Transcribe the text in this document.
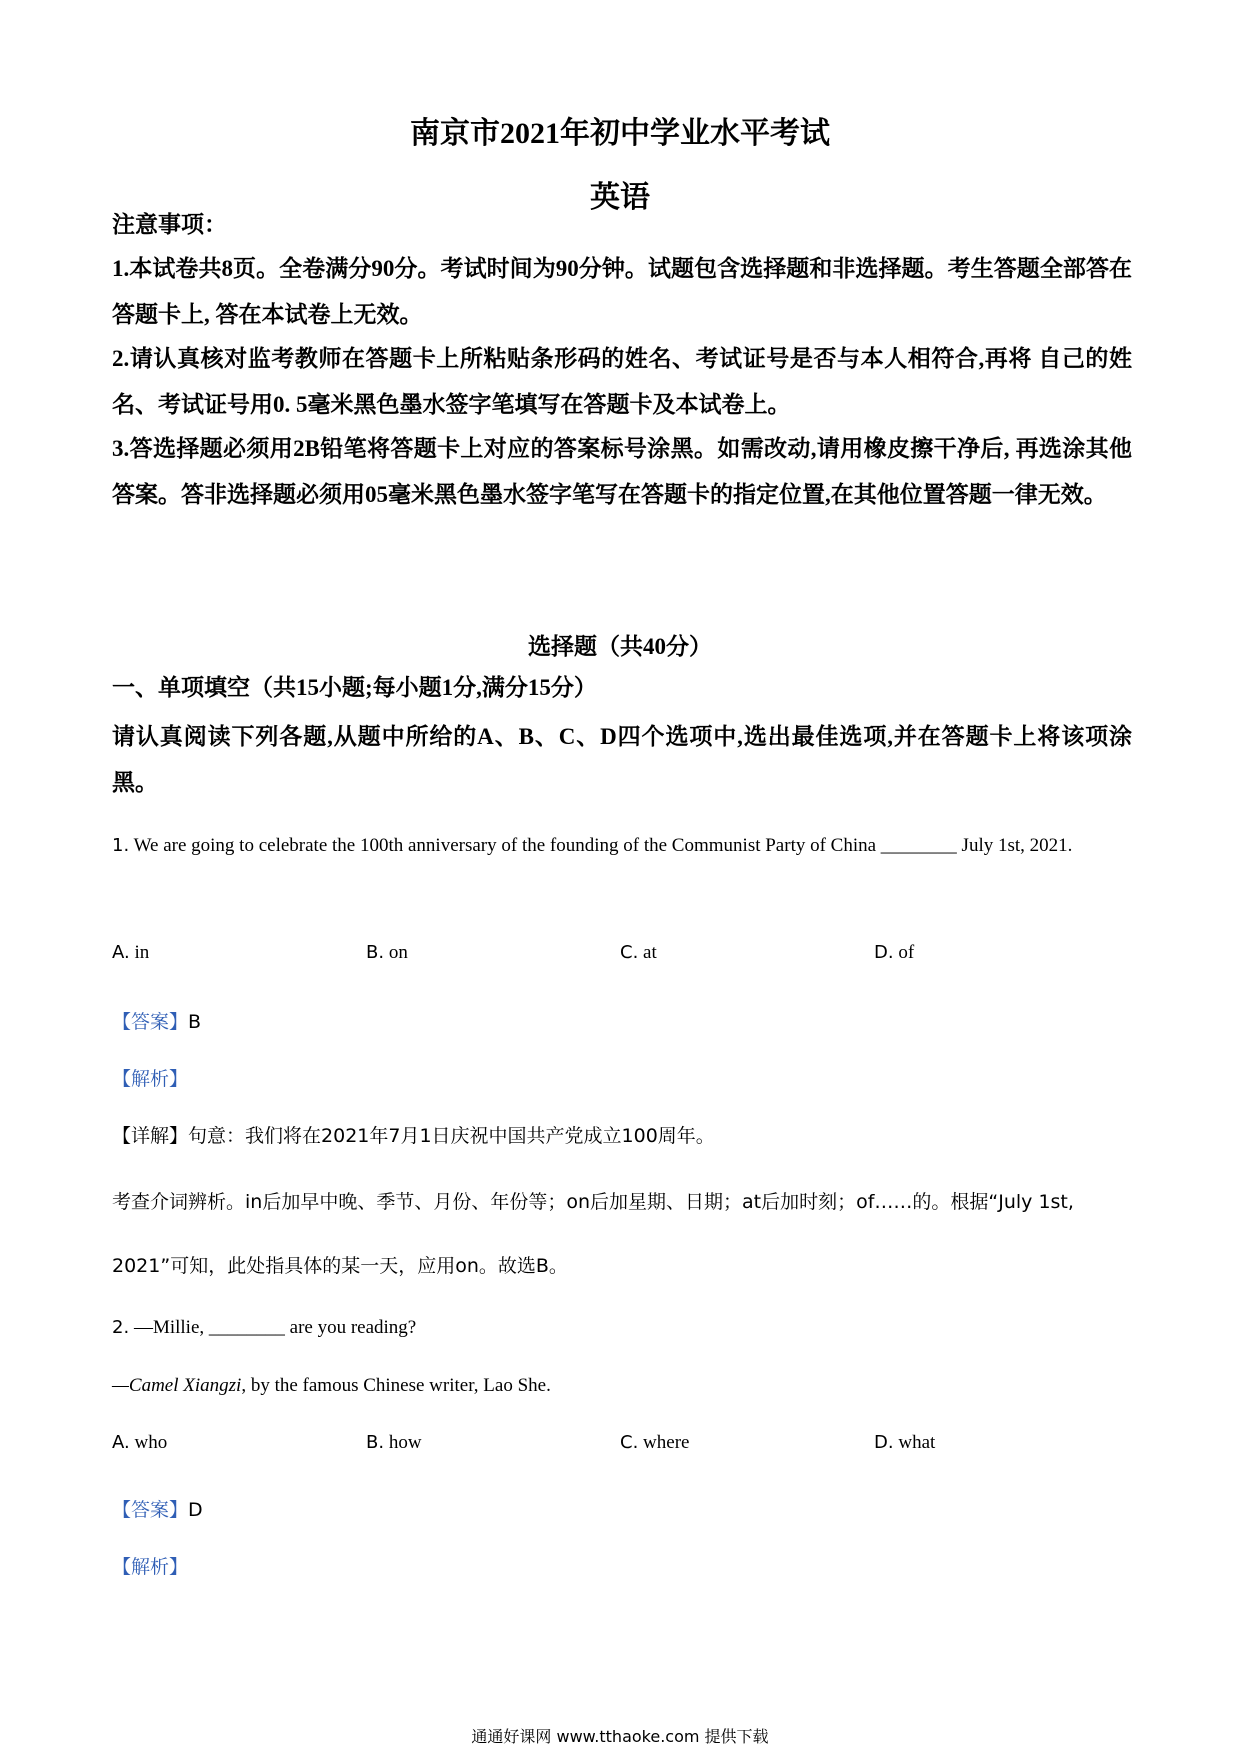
南京市2021年初中学业水平考试
英语
注意事项：
1.本试卷共8页。全卷满分90分。考试时间为90分钟。试题包含选择题和非选择题。考生答题全部答在答题卡上, 答在本试卷上无效。
2.请认真核对监考教师在答题卡上所粘贴条形码的姓名、考试证号是否与本人相符合,再将 自己的姓名、考试证号用0. 5毫米黑色墨水签字笔填写在答题卡及本试卷上。
3.答选择题必须用2B铅笔将答题卡上对应的答案标号涂黑。如需改动,请用橡皮擦干净后, 再选涂其他答案。答非选择题必须用05毫米黑色墨水签字笔写在答题卡的指定位置,在其他位置答题一律无效。
选择题（共40分）
一、单项填空（共15小题;每小题1分,满分15分）
请认真阅读下列各题,从题中所给的A、B、C、D四个选项中,选出最佳选项,并在答题卡上将该项涂黑。
1. We are going to celebrate the 100th anniversary of the founding of the Communist Party of China ________ July 1st, 2021.
A. in	B. on	C. at	D. of
【答案】B
【解析】
【详解】句意：我们将在2021年7月1日庆祝中国共产党成立100周年。
考查介词辨析。in后加早中晚、季节、月份、年份等；on后加星期、日期；at后加时刻；of……的。根据“July 1st, 2021”可知，此处指具体的某一天，应用on。故选B。
2. —Millie, ________ are you reading?
—Camel Xiangzi, by the famous Chinese writer, Lao She.
A. who	B. how	C. where	D. what
【答案】D
【解析】
通通好课网 www.tthaoke.com 提供下载
